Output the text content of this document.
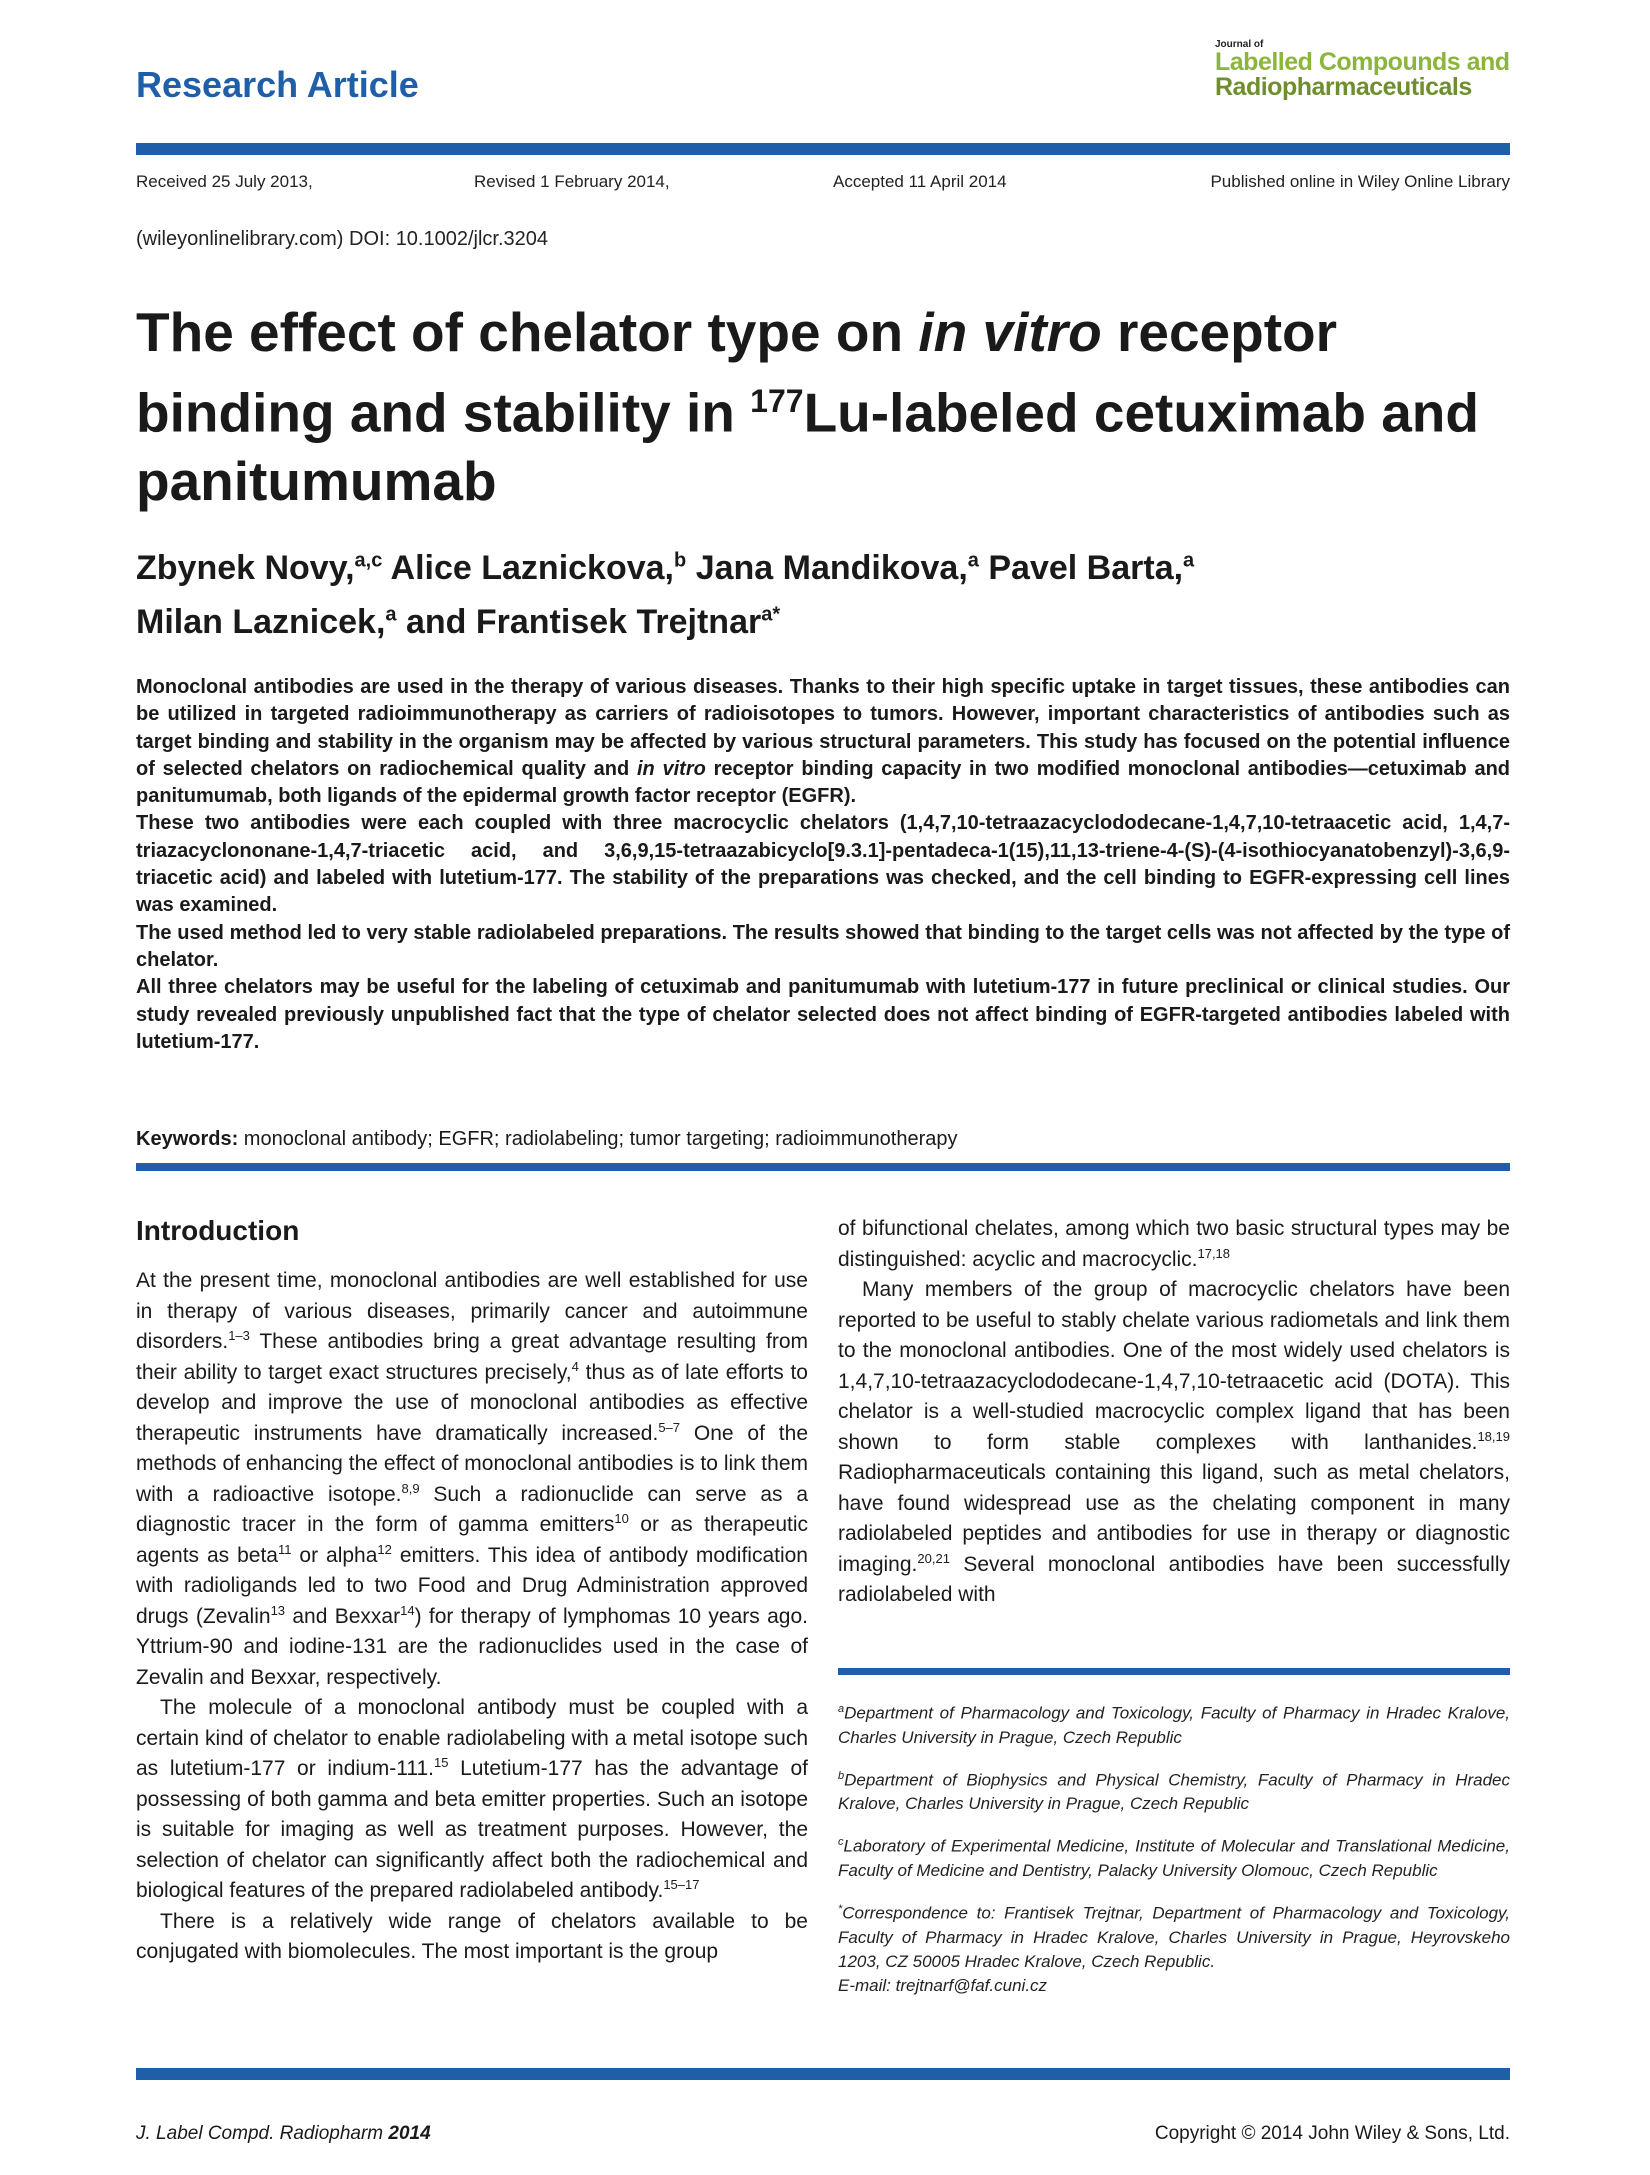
Research Article
Journal of
Labelled Compounds and
Radiopharmaceuticals
Received 25 July 2013,	Revised 1 February 2014,	Accepted 11 April 2014	Published online in Wiley Online Library
(wileyonlinelibrary.com) DOI: 10.1002/jlcr.3204
The effect of chelator type on in vitro receptor binding and stability in $^{177}$Lu-labeled cetuximab and panitumumab
Zbynek Novy,$^{a,c}$ Alice Laznickova,$^b$ Jana Mandikova,$^a$ Pavel Barta,$^a$
Milan Laznicek,$^a$ and Frantisek Trejtnar$^{a*}$

Monoclonal antibodies are used in the therapy of various diseases. Thanks to their high specific uptake in target tissues, these antibodies can be utilized in targeted radioimmunotherapy as carriers of radioisotopes to tumors. However, important characteristics of antibodies such as target binding and stability in the organism may be affected by various structural parameters. This study has focused on the potential influence of selected chelators on radiochemical quality and in vitro receptor binding capacity in two modified monoclonal antibodies—cetuximab and panitumumab, both ligands of the epidermal growth factor receptor (EGFR).

These two antibodies were each coupled with three macrocyclic chelators (1,4,7,10-tetraazacyclododecane-1,4,7,10-tetraacetic acid, 1,4,7-triazacyclononane-1,4,7-triacetic acid, and 3,6,9,15-tetraazabicyclo[9.3.1]-pentadeca-1(15),11,13-triene-4-(S)-(4-isothiocyanatobenzyl)-3,6,9-triacetic acid) and labeled with lutetium-177. The stability of the preparations was checked, and the cell binding to EGFR-expressing cell lines was examined.

The used method led to very stable radiolabeled preparations. The results showed that binding to the target cells was not affected by the type of chelator.

All three chelators may be useful for the labeling of cetuximab and panitumumab with lutetium-177 in future preclinical or clinical studies. Our study revealed previously unpublished fact that the type of chelator selected does not affect binding of EGFR-targeted antibodies labeled with lutetium-177.

Keywords: monoclonal antibody; EGFR; radiolabeling; tumor targeting; radioimmunotherapy
Introduction

At the present time, monoclonal antibodies are well established for use in therapy of various diseases, primarily cancer and autoimmune disorders.$^{1-3}$ These antibodies bring a great advantage resulting from their ability to target exact structures precisely,$^4$ thus as of late efforts to develop and improve the use of monoclonal antibodies as effective therapeutic instruments have dramatically increased.$^{5-7}$ One of the methods of enhancing the effect of monoclonal antibodies is to link them with a radioactive isotope.$^{8,9}$ Such a radionuclide can serve as a diagnostic tracer in the form of gamma emitters$^{10}$ or as therapeutic agents as beta$^{11}$ or alpha$^{12}$ emitters. This idea of antibody modification with radioligands led to two Food and Drug Administration approved drugs (Zevalin$^{13}$ and Bexxar$^{14}$) for therapy of lymphomas 10 years ago. Yttrium-90 and iodine-131 are the radionuclides used in the case of Zevalin and Bexxar, respectively.

The molecule of a monoclonal antibody must be coupled with a certain kind of chelator to enable radiolabeling with a metal isotope such as lutetium-177 or indium-111.15 Lutetium-177 has the advantage of possessing of both gamma and beta emitter properties. Such an isotope is suitable for imaging as well as treatment purposes. However, the selection of chelator can significantly affect both the radiochemical and biological features of the prepared radiolabeled antibody.$^{15-17}$

There is a relatively wide range of chelators available to be conjugated with biomolecules. The most important is the group

of bifunctional chelates, among which two basic structural types may be distinguished: acyclic and macrocyclic.$^{17,18}$

Many members of the group of macrocyclic chelators have been reported to be useful to stably chelate various radiometals and link them to the monoclonal antibodies. One of the most widely used chelators is 1,4,7,10-tetraazacyclododecane-1,4,7,10-tetraacetic acid (DOTA). This chelator is a well-studied macrocyclic complex ligand that has been shown to form stable complexes with lanthanides.$^{18,19}$ Radiopharmaceuticals containing this ligand, such as metal chelators, have found widespread use as the chelating component in many radiolabeled peptides and antibodies for use in therapy or diagnostic imaging.$^{20,21}$ Several monoclonal antibodies have been successfully radiolabeled with

$^a$Department of Pharmacology and Toxicology, Faculty of Pharmacy in Hradec Kralove, Charles University in Prague, Czech Republic

$^b$Department of Biophysics and Physical Chemistry, Faculty of Pharmacy in Hradec Kralove, Charles University in Prague, Czech Republic

$^c$Laboratory of Experimental Medicine, Institute of Molecular and Translational Medicine, Faculty of Medicine and Dentistry, Palacky University Olomouc, Czech Republic

*Correspondence to: Frantisek Trejtnar, Department of Pharmacology and Toxicology, Faculty of Pharmacy in Hradec Kralove, Charles University in Prague, Heyrovskeho 1203, CZ 50005 Hradec Kralove, Czech Republic.

E-mail: trejtnarf@faf.cuni.cz

J. Label Compd. Radiopharm 2014	Copyright © 2014 John Wiley & Sons, Ltd.
